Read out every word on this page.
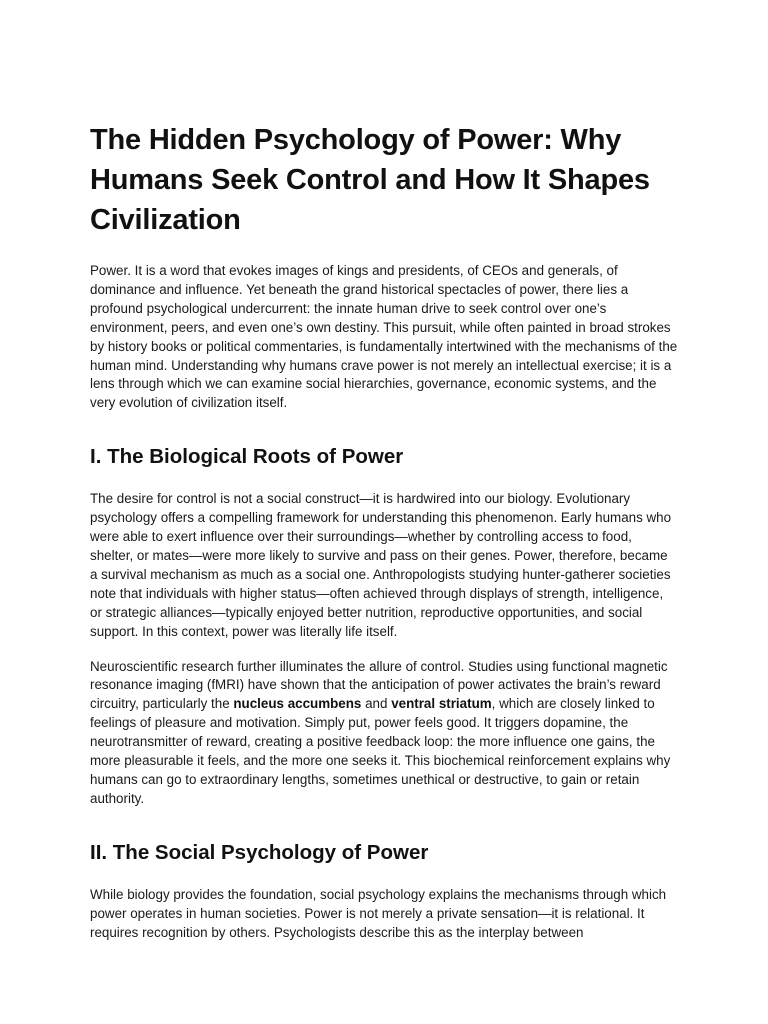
The Hidden Psychology of Power: Why Humans Seek Control and How It Shapes Civilization

Power. It is a word that evokes images of kings and presidents, of CEOs and generals, of dominance and influence. Yet beneath the grand historical spectacles of power, there lies a profound psychological undercurrent: the innate human drive to seek control over one’s environment, peers, and even one’s own destiny. This pursuit, while often painted in broad strokes by history books or political commentaries, is fundamentally intertwined with the mechanisms of the human mind. Understanding why humans crave power is not merely an intellectual exercise; it is a lens through which we can examine social hierarchies, governance, economic systems, and the very evolution of civilization itself.

I. The Biological Roots of Power

The desire for control is not a social construct—it is hardwired into our biology. Evolutionary psychology offers a compelling framework for understanding this phenomenon. Early humans who were able to exert influence over their surroundings—whether by controlling access to food, shelter, or mates—were more likely to survive and pass on their genes. Power, therefore, became a survival mechanism as much as a social one. Anthropologists studying hunter-gatherer societies note that individuals with higher status—often achieved through displays of strength, intelligence, or strategic alliances—typically enjoyed better nutrition, reproductive opportunities, and social support. In this context, power was literally life itself.

Neuroscientific research further illuminates the allure of control. Studies using functional magnetic resonance imaging (fMRI) have shown that the anticipation of power activates the brain’s reward circuitry, particularly the nucleus accumbens and ventral striatum, which are closely linked to feelings of pleasure and motivation. Simply put, power feels good. It triggers dopamine, the neurotransmitter of reward, creating a positive feedback loop: the more influence one gains, the more pleasurable it feels, and the more one seeks it. This biochemical reinforcement explains why humans can go to extraordinary lengths, sometimes unethical or destructive, to gain or retain authority.

II. The Social Psychology of Power

While biology provides the foundation, social psychology explains the mechanisms through which power operates in human societies. Power is not merely a private sensation—it is relational. It requires recognition by others. Psychologists describe this as the interplay between
